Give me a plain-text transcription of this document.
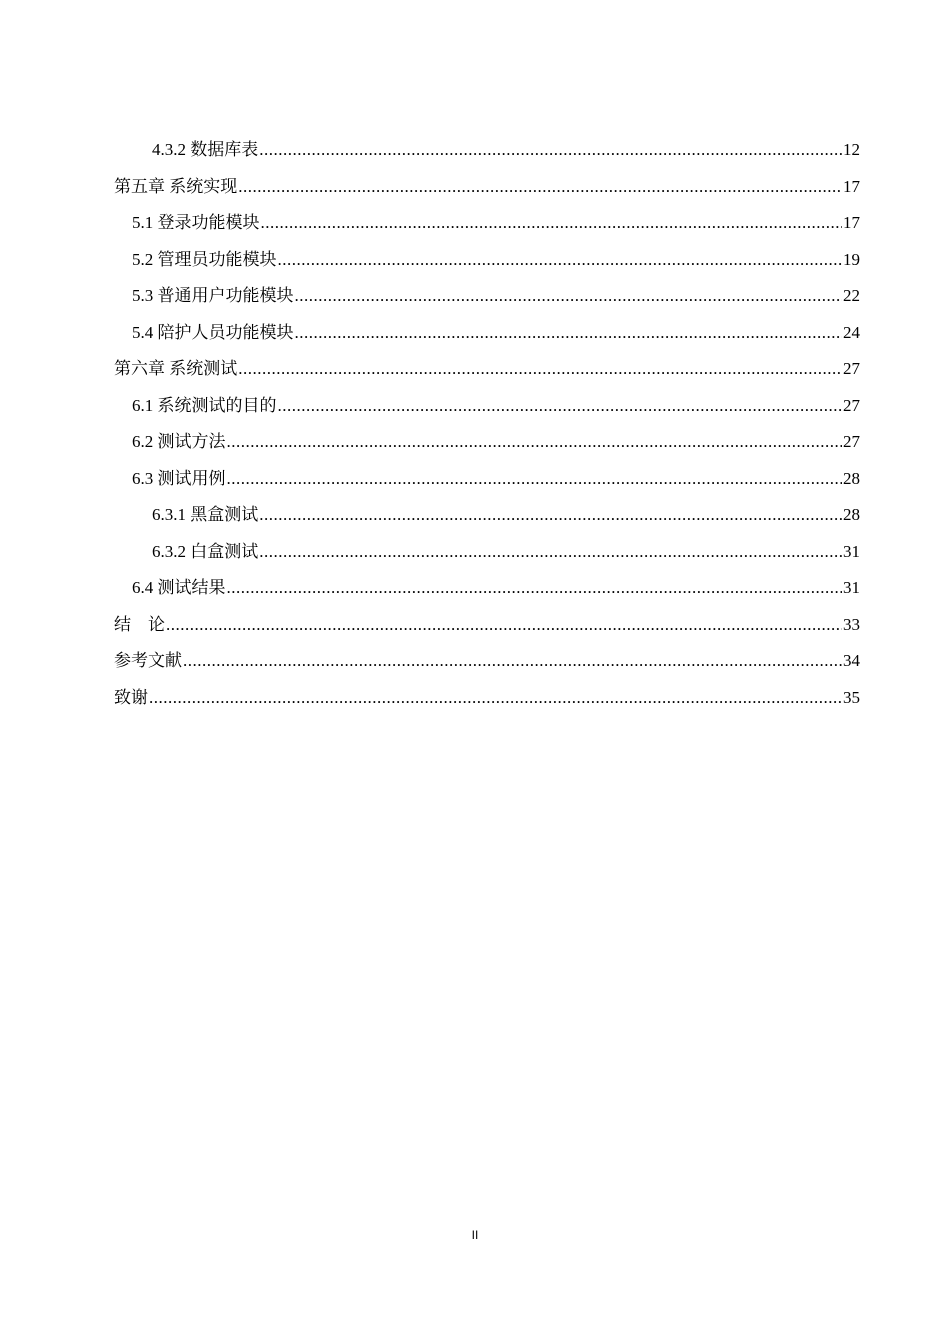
4.3.2 数据库表 .....	12
第五章 系统实现 .....	17
5.1 登录功能模块 .....	17
5.2 管理员功能模块 .....	19
5.3 普通用户功能模块 .....	22
5.4 陪护人员功能模块 .....	24
第六章 系统测试 .....	27
6.1 系统测试的目的 .....	27
6.2 测试方法 .....	27
6.3 测试用例 .....	28
6.3.1 黑盒测试 .....	28
6.3.2 白盒测试 .....	31
6.4 测试结果 .....	31
结    论 .....	33
参考文献 .....	34
致谢 .....	35
II
